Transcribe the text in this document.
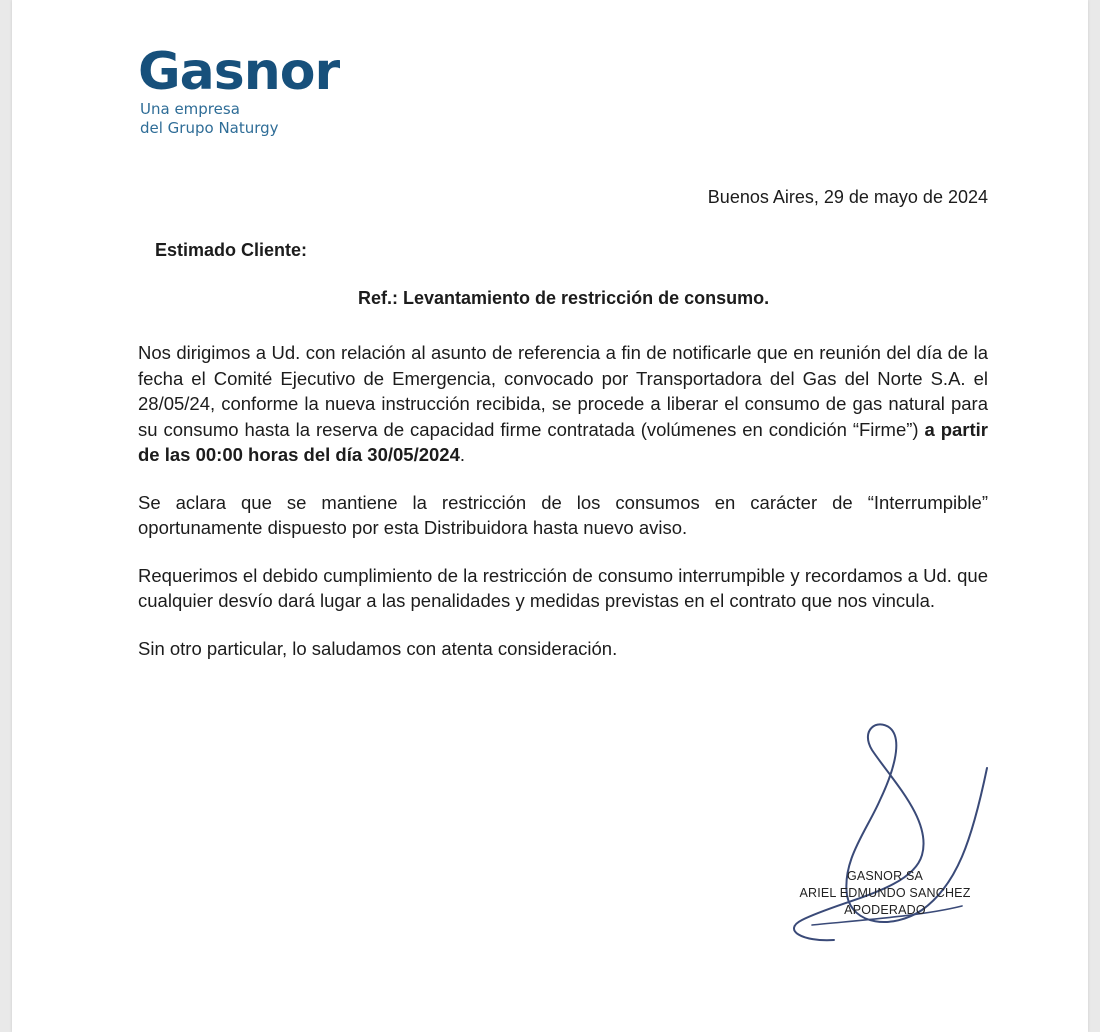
Gasnor
Una empresa
del Grupo Naturgy
Buenos Aires, 29 de mayo de 2024
Estimado Cliente:
Ref.: Levantamiento de restricción de consumo.

Nos dirigimos a Ud. con relación al asunto de referencia a fin de notificarle que en reunión del día de la fecha el Comité Ejecutivo de Emergencia, convocado por Transportadora del Gas del Norte S.A. el 28/05/24, conforme la nueva instrucción recibida, se procede a liberar el consumo de gas natural para su consumo hasta la reserva de capacidad firme contratada (volúmenes en condición “Firme”) a partir de las 00:00 horas del día 30/05/2024.

Se aclara que se mantiene la restricción de los consumos en carácter de “Interrumpible” oportunamente dispuesto por esta Distribuidora hasta nuevo aviso.

Requerimos el debido cumplimiento de la restricción de consumo interrumpible y recordamos a Ud. que cualquier desvío dará lugar a las penalidades y medidas previstas en el contrato que nos vincula.

Sin otro particular, lo saludamos con atenta consideración.

GASNOR SA
ARIEL EDMUNDO SANCHEZ
APODERADO
